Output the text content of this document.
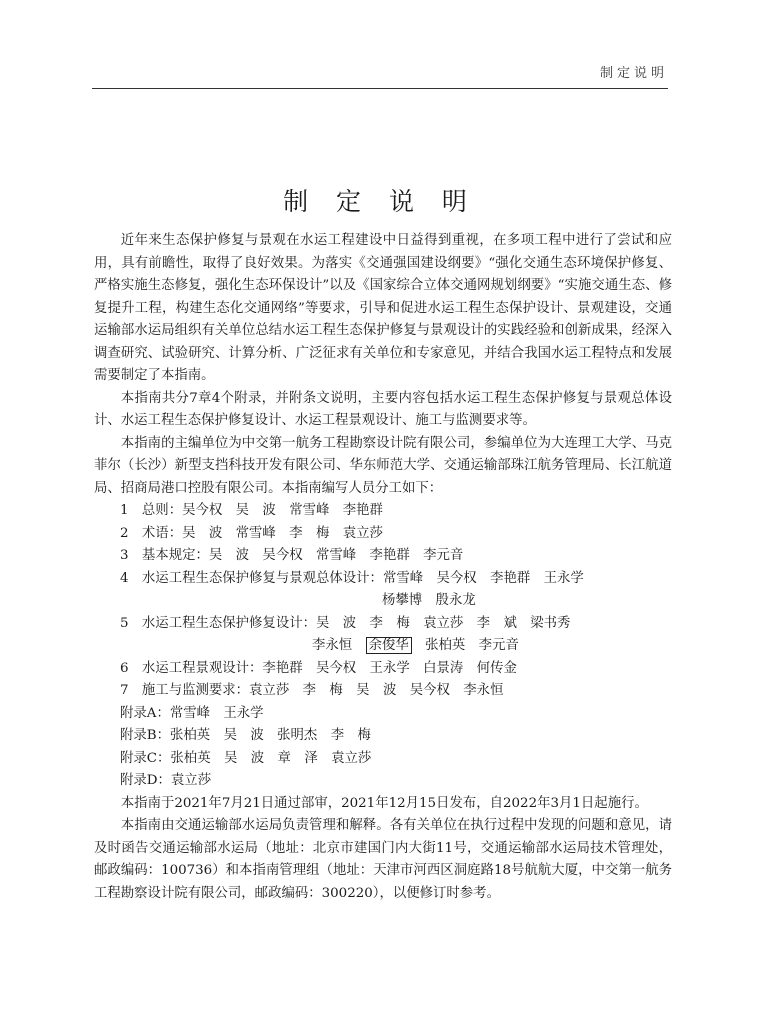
制定说明
制 定 说 明

近年来生态保护修复与景观在水运工程建设中日益得到重视，在多项工程中进行了尝试和应用，具有前瞻性，取得了良好效果。为落实《交通强国建设纲要》“强化交通生态环境保护修复、严格实施生态修复，强化生态环保设计”以及《国家综合立体交通网规划纲要》“实施交通生态、修复提升工程，构建生态化交通网络”等要求，引导和促进水运工程生态保护设计、景观建设，交通运输部水运局组织有关单位总结水运工程生态保护修复与景观设计的实践经验和创新成果，经深入调查研究、试验研究、计算分析、广泛征求有关单位和专家意见，并结合我国水运工程特点和发展需要制定了本指南。

本指南共分7章4个附录，并附条文说明，主要内容包括水运工程生态保护修复与景观总体设计、水运工程生态保护修复设计、水运工程景观设计、施工与监测要求等。

本指南的主编单位为中交第一航务工程勘察设计院有限公司，参编单位为大连理工大学、马克菲尔（长沙）新型支挡科技开发有限公司、华东师范大学、交通运输部珠江航务管理局、长江航道局、招商局港口控股有限公司。本指南编写人员分工如下：

1　总则：吴今权　吴　波　常雪峰　李艳群
2　术语：吴　波　常雪峰　李　梅　袁立莎
3　基本规定：吴　波　吴今权　常雪峰　李艳群　李元音
4　水运工程生态保护修复与景观总体设计：常雪峰　吴今权　李艳群　王永学
杨攀博　殷永龙
5　水运工程生态保护修复设计：吴　波　李　梅　袁立莎　李　斌　梁书秀
李永恒　余俊华　张柏英　李元音
6　水运工程景观设计：李艳群　吴今权　王永学　白景涛　何传金
7　施工与监测要求：袁立莎　李　梅　吴　波　吴今权　李永恒
附录A：常雪峰　王永学
附录B：张柏英　吴　波　张明杰　李　梅
附录C：张柏英　吴　波　章　泽　袁立莎
附录D：袁立莎

本指南于2021年7月21日通过部审，2021年12月15日发布，自2022年3月1日起施行。

本指南由交通运输部水运局负责管理和解释。各有关单位在执行过程中发现的问题和意见，请及时函告交通运输部水运局（地址：北京市建国门内大街11号，交通运输部水运局技术管理处，邮政编码：100736）和本指南管理组（地址：天津市河西区洞庭路18号航航大厦，中交第一航务工程勘察设计院有限公司，邮政编码：300220），以便修订时参考。
